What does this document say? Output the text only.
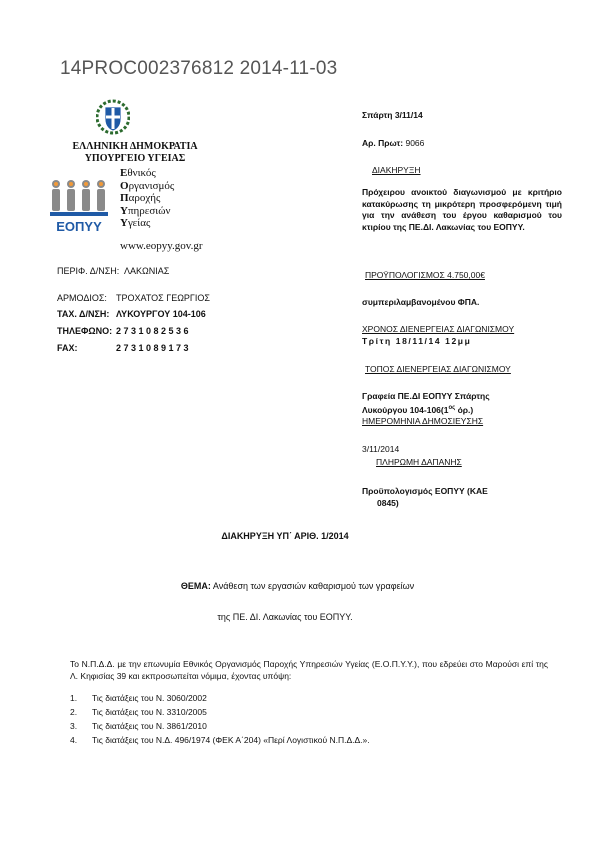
14PROC002376812 2014-11-03
ΕΛΛΗΝΙΚΗ ΔΗΜΟΚΡΑΤΙΑ
ΥΠΟΥΡΓΕΙΟ ΥΓΕΙΑΣ
ΕΟΠΥΥ
Εθνικός
Οργανισμός
Παροχής
Υπηρεσιών
Υγείας
www.eopyy.gov.gr
ΠΕΡΙΦ. Δ/ΝΣΗ: ΛΑΚΩΝΙΑΣ
ΑΡΜΟΔΙΟΣ: ΤΡΟΧΑΤΟΣ ΓΕΩΡΓΙΟΣ
ΤΑΧ. Δ/ΝΣΗ: ΛΥΚΟΥΡΓΟΥ 104-106
ΤΗΛΕΦΩΝΟ: 2 7 3 1 0 8 2 5 3 6
FAX:	2 7 3 1 0 8 9 1 7 3
Σπάρτη 3/11/14
Αρ. Πρωτ: 9066
ΔΙΑΚΗΡΥΞΗ
Πρόχειρου ανοικτού διαγωνισμού με κριτήριο κατακύρωσης τη μικρότερη προσφερόμενη τιμή για την ανάθεση του έργου καθαρισμού του κτιρίου της ΠΕ.ΔΙ. Λακωνίας του ΕΟΠΥΥ.
ΠΡΟΫΠΟΛΟΓΙΣΜΟΣ 4.750,00€
συμπεριλαμβανομένου ΦΠΑ.
ΧΡΟΝΟΣ ΔΙΕΝΕΡΓΕΙΑΣ ΔΙΑΓΩΝΙΣΜΟΥ
Τρίτη 18/11/14 12μμ
ΤΟΠΟΣ ΔΙΕΝΕΡΓΕΙΑΣ ΔΙΑΓΩΝΙΣΜΟΥ
Γραφεία ΠΕ.ΔΙ ΕΟΠΥΥ Σπάρτης
Λυκούργου $104-106(1^{o\varsigma}$ όρ.)
ΗΜΕΡΟΜΗΝΙΑ ΔΗΜΟΣΙΕΥΣΗΣ
3/11/2014
ΠΛΗΡΩΜΗ ΔΑΠΑΝΗΣ
Προϋπολογισμός ΕΟΠΥΥ (ΚΑΕ
0845)
ΔΙΑΚΗΡΥΞΗ ΥΠ΄ ΑΡΙΘ. 1/2014
ΘΕΜΑ: Ανάθεση των εργασιών καθαρισμού των γραφείων
της ΠΕ. ΔΙ. Λακωνίας του ΕΟΠΥΥ.
Το Ν.Π.Δ.Δ. με την επωνυμία Εθνικός Οργανισμός Παροχής Υπηρεσιών Υγείας (Ε.Ο.Π.Υ.Υ.), που εδρεύει στο Μαρούσι επί της Λ. Κηφισίας 39 και εκπροσωπείται νόμιμα, έχοντας υπόψη:
1. Τις διατάξεις του Ν. 3060/2002
2. Τις διατάξεις του Ν. 3310/2005
3. Τις διατάξεις του Ν. 3861/2010
4. Τις διατάξεις του Ν.Δ. 496/1974 (ΦΕΚ Α΄204) «Περί Λογιστικού Ν.Π.Δ.Δ.».
